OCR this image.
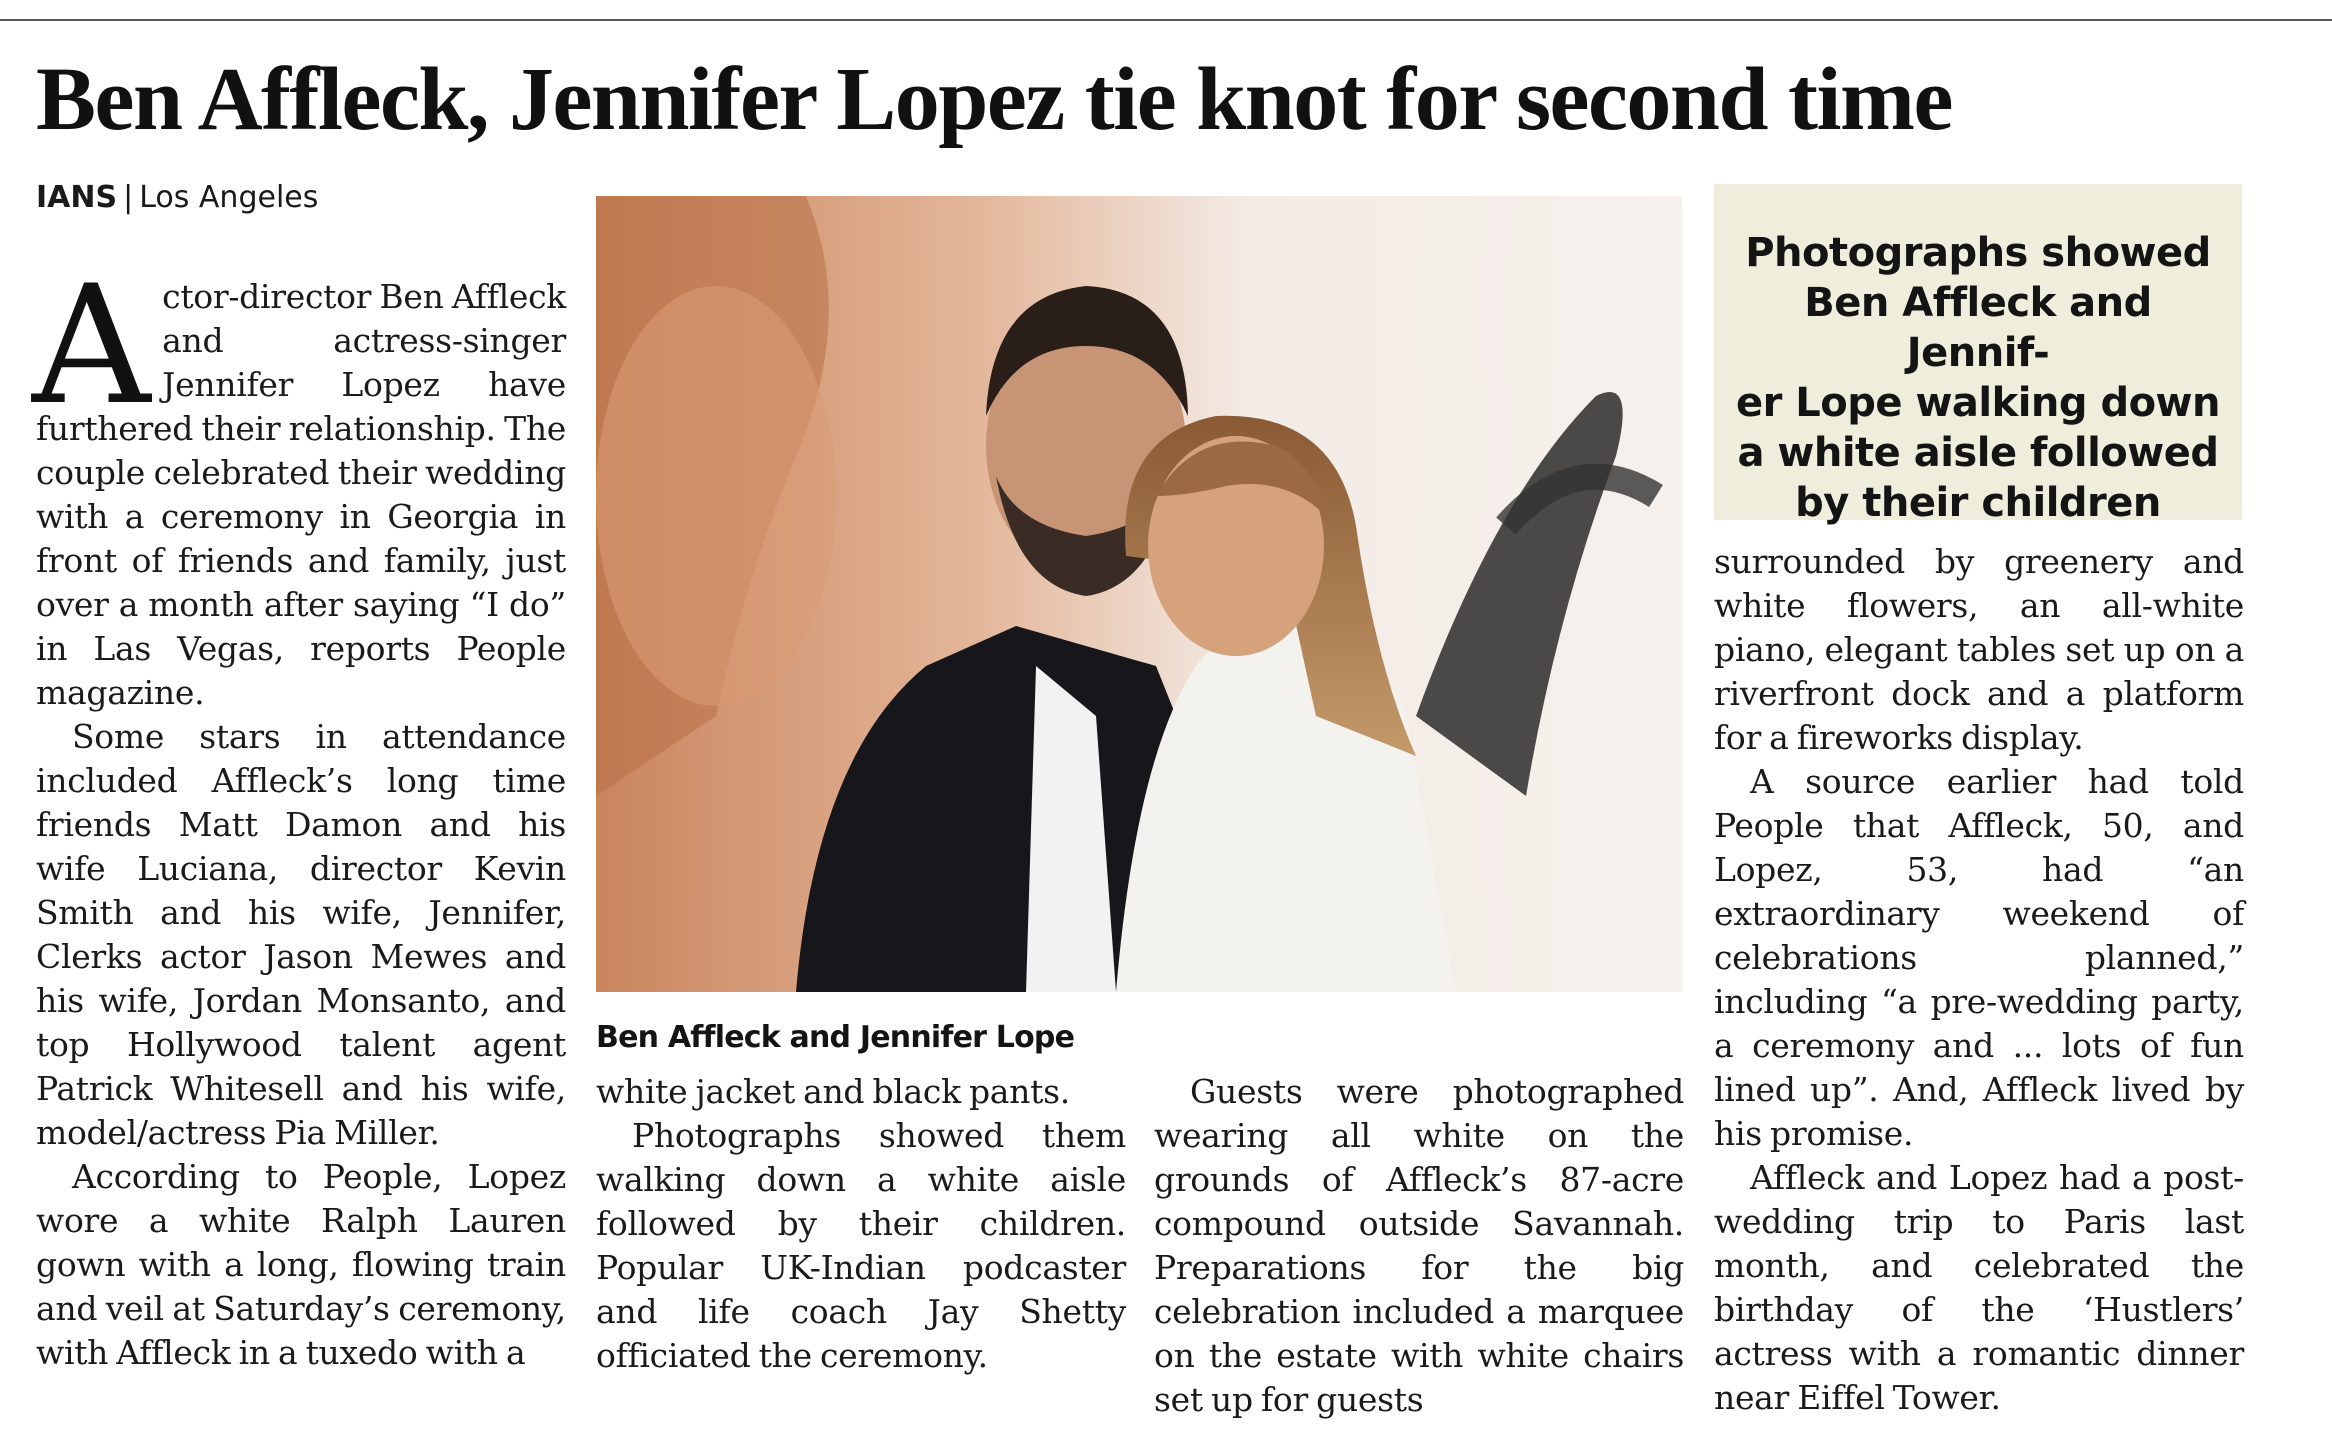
Ben Affleck, Jennifer Lopez tie knot for second time
IANS | Los Angeles

Actor-director Ben Affleck and actress-singer Jennifer Lopez have furthered their relationship. The couple celebrated their wedding with a ceremony in Georgia in front of friends and family, just over a month after saying “I do” in Las Vegas, reports People magazine.

Some stars in attendance included Affleck’s long time friends Matt Damon and his wife Luciana, director Kevin Smith and his wife, Jennifer, Clerks actor Jason Mewes and his wife, Jordan Monsanto, and top Hollywood talent agent Patrick Whitesell and his wife, model/actress Pia Miller.

According to People, Lopez wore a white Ralph Lauren gown with a long, flowing train and veil at Saturday’s ceremony, with Affleck in a tuxedo with a

Ben Affleck and Jennifer Lope

white jacket and black pants.

Photographs showed them walking down a white aisle followed by their children. Popular UK-Indian podcaster and life coach Jay Shetty officiated the ceremony.

Guests were photographed wearing all white on the grounds of Affleck’s 87-acre compound outside Savannah. Preparations for the big celebration included a marquee on the estate with white chairs set up for guests

Photographs showed
Ben Affleck and Jennif-
er Lope walking down
a white aisle followed
by their children

surrounded by greenery and white flowers, an all-white piano, elegant tables set up on a riverfront dock and a platform for a fireworks display.

A source earlier had told People that Affleck, 50, and Lopez, 53, had “an extraordinary weekend of celebrations planned,” including “a pre-wedding party, a ceremony and ... lots of fun lined up”. And, Affleck lived by his promise.

Affleck and Lopez had a post-wedding trip to Paris last month, and celebrated the birthday of the ‘Hustlers’ actress with a romantic dinner near Eiffel Tower.
